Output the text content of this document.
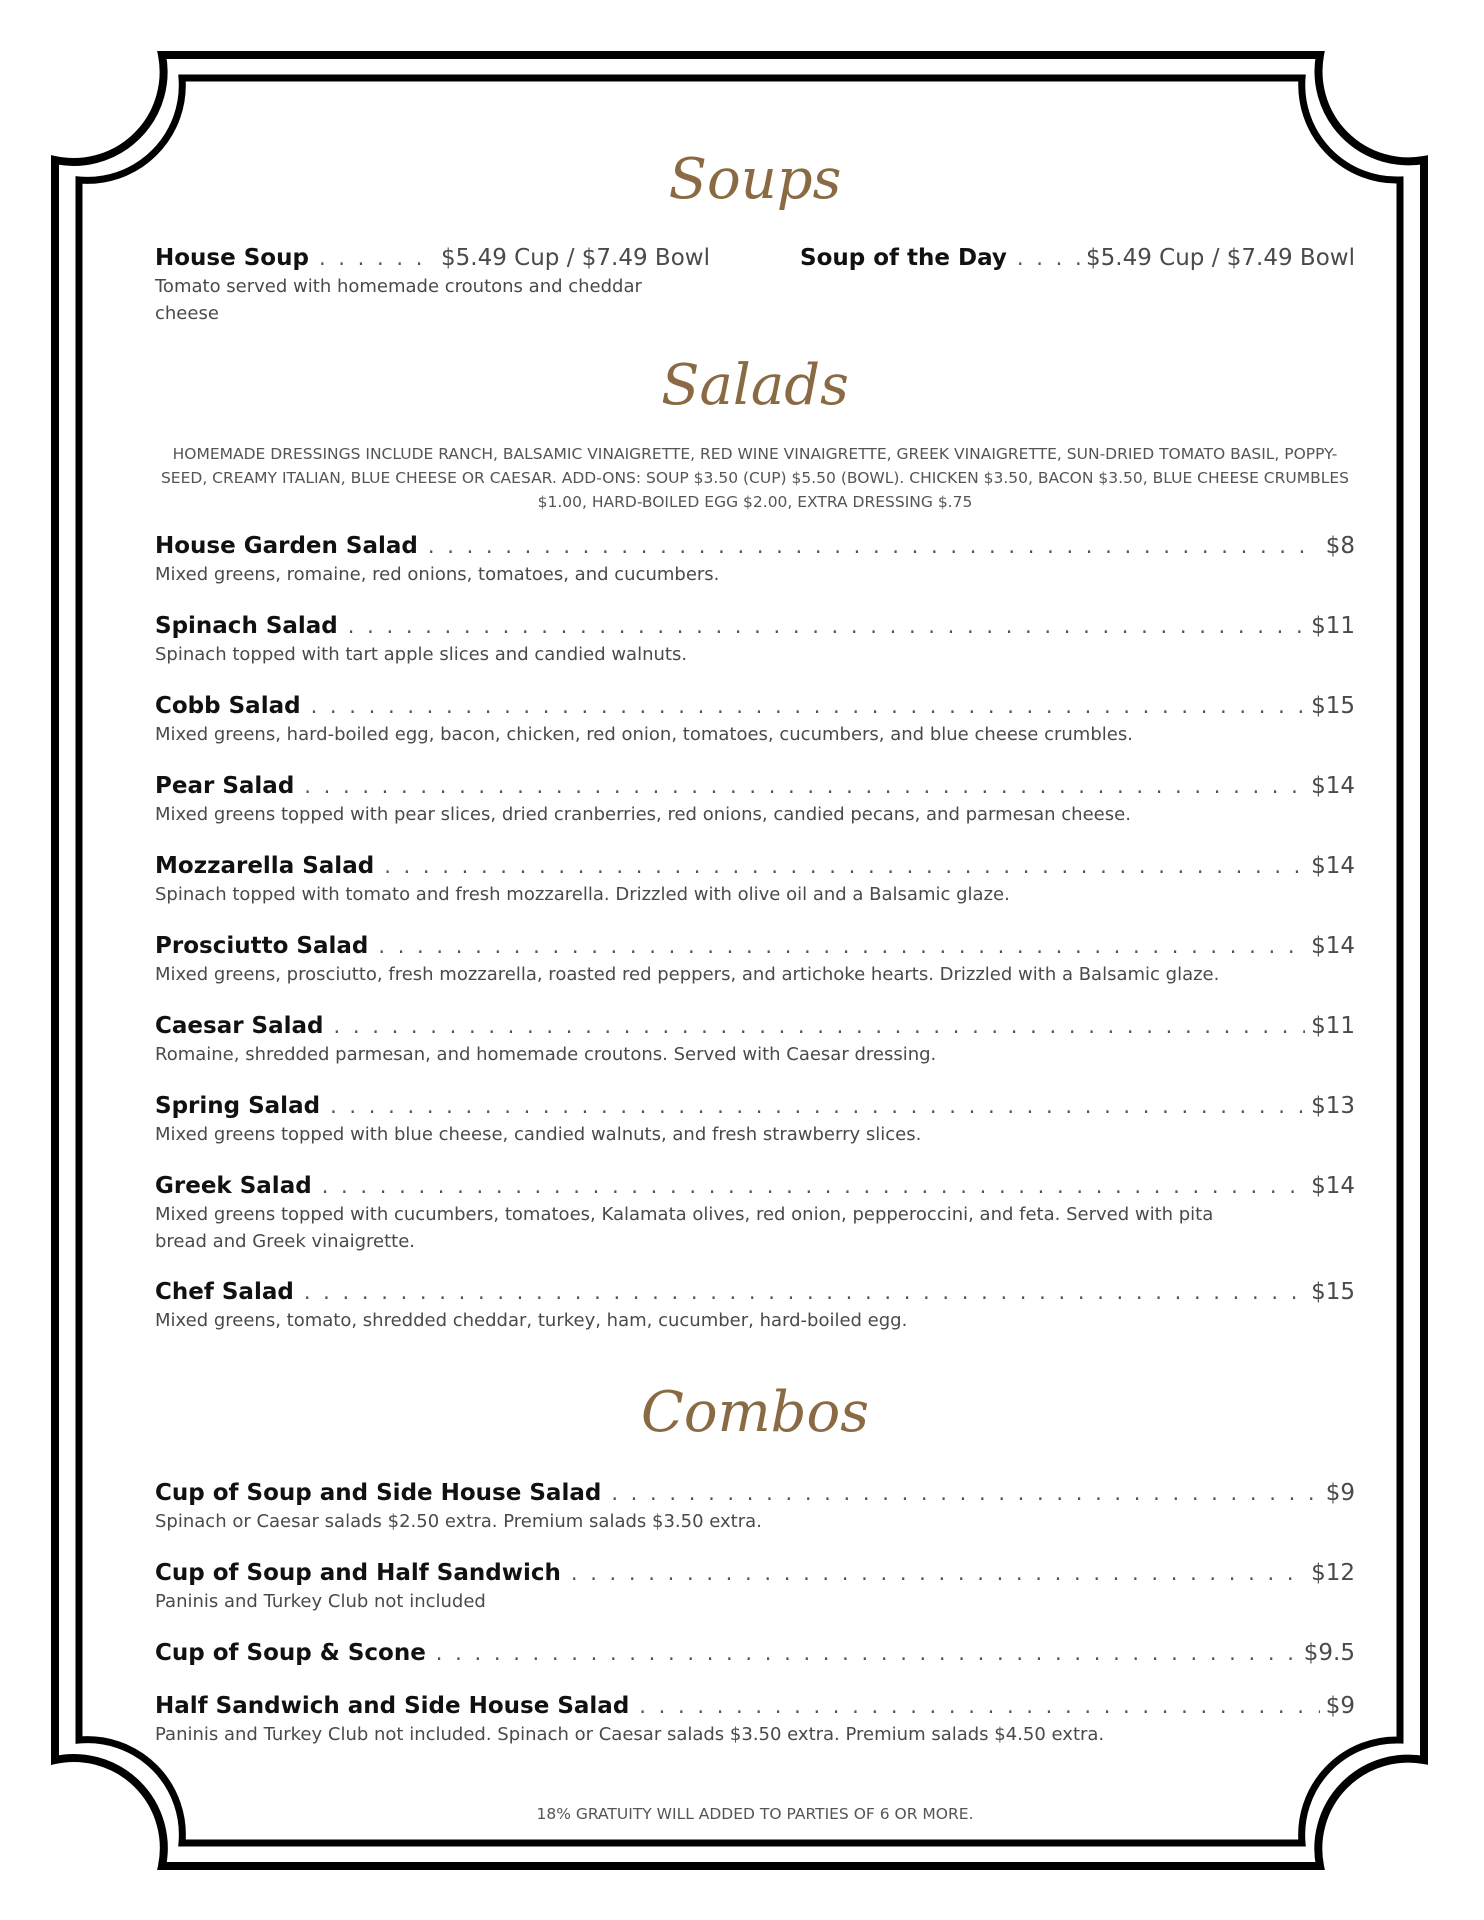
Soups
House Soup . . .	$5.49 Cup / $7.49 Bowl
Tomato served with homemade croutons and cheddar cheese
Soup of the Day . . .	$5.49 Cup / $7.49 Bowl
Salads
HOMEMADE DRESSINGS INCLUDE RANCH, BALSAMIC VINAIGRETTE, RED WINE VINAIGRETTE, GREEK VINAIGRETTE, SUN-DRIED TOMATO BASIL, POPPY-SEED, CREAMY ITALIAN, BLUE CHEESE OR CAESAR. ADD-ONS: SOUP $3.50 (CUP) $5.50 (BOWL). CHICKEN $3.50, BACON $3.50, BLUE CHEESE CRUMBLES $1.00, HARD-BOILED EGG $2.00, EXTRA DRESSING $.75
House Garden Salad . . .	$8
Mixed greens, romaine, red onions, tomatoes, and cucumbers.
Spinach Salad . . .	$11
Spinach topped with tart apple slices and candied walnuts.
Cobb Salad . . .	$15
Mixed greens, hard-boiled egg, bacon, chicken, red onion, tomatoes, cucumbers, and blue cheese crumbles.
Pear Salad . . .	$14
Mixed greens topped with pear slices, dried cranberries, red onions, candied pecans, and parmesan cheese.
Mozzarella Salad . . .	$14
Spinach topped with tomato and fresh mozzarella. Drizzled with olive oil and a Balsamic glaze.
Prosciutto Salad . . .	$14
Mixed greens, prosciutto, fresh mozzarella, roasted red peppers, and artichoke hearts. Drizzled with a Balsamic glaze.
Caesar Salad . . .	$11
Romaine, shredded parmesan, and homemade croutons. Served with Caesar dressing.
Spring Salad . . .	$13
Mixed greens topped with blue cheese, candied walnuts, and fresh strawberry slices.
Greek Salad . . .	$14
Mixed greens topped with cucumbers, tomatoes, Kalamata olives, red onion, pepperoccini, and feta. Served with pita bread and Greek vinaigrette.
Chef Salad . . .	$15
Mixed greens, tomato, shredded cheddar, turkey, ham, cucumber, hard-boiled egg.
Combos
Cup of Soup and Side House Salad . . .	$9
Spinach or Caesar salads $2.50 extra. Premium salads $3.50 extra.
Cup of Soup and Half Sandwich . . .	$12
Paninis and Turkey Club not included
Cup of Soup & Scone . . .	$9.5
Half Sandwich and Side House Salad . . .	$9
Paninis and Turkey Club not included. Spinach or Caesar salads $3.50 extra. Premium salads $4.50 extra.
18% GRATUITY WILL ADDED TO PARTIES OF 6 OR MORE.
